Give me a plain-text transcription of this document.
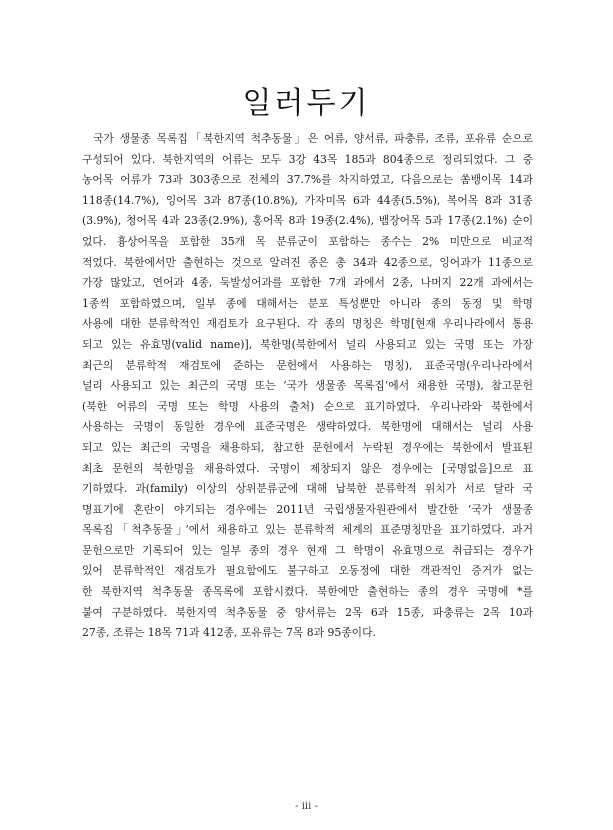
일러두기
국가 생물종 목록집「북한지역 척추동물」은 어류, 양서류, 파충류, 조류, 포유류 순으로
구성되어 있다. 북한지역의 어류는 모두 3강 43목 185과 804종으로 정리되었다. 그 중
농어목 어류가 73과 303종으로 전체의 37.7%를 차지하였고, 다음으로는 쏨뱅이목 14과
118종(14.7%), 잉어목 3과 87종(10.8%), 가자미목 6과 44종(5.5%), 복어목 8과 31종
(3.9%), 청어목 4과 23종(2.9%), 홍어목 8과 19종(2.4%), 뱀장어목 5과 17종(2.1%) 순이
었다. 흉상어목을 포함한 35개 목 분류군이 포함하는 종수는 2% 미만으로 비교적
적었다. 북한에서만 출현하는 것으로 알려진 종은 총 34과 42종으로, 잉어과가 11종으로
가장 많았고, 연어과 4종, 둑발성어과를 포함한 7개 과에서 2종, 나머지 22개 과에서는
1종씩 포함하였으며, 일부 종에 대해서는 분포 특성뿐만 아니라 종의 동정 및 학명
사용에 대한 분류학적인 재검토가 요구된다. 각 종의 명칭은 학명[현재 우리나라에서 통용
되고 있는 유효명(valid name)], 북한명(북한에서 널리 사용되고 있는 국명 또는 가장
최근의 분류학적 재검토에 준하는 문헌에서 사용하는 명칭), 표준국명(우리나라에서
널리 사용되고 있는 최근의 국명 또는 ‘국가 생물종 목록집’에서 채용한 국명), 참고문헌
(북한 어류의 국명 또는 학명 사용의 출처) 순으로 표기하였다. 우리나라와 북한에서
사용하는 국명이 동일한 경우에 표준국명은 생략하였다. 북한명에 대해서는 널리 사용
되고 있는 최근의 국명을 채용하되, 참고한 문헌에서 누락된 경우에는 북한에서 발표된
최초 문헌의 북한명을 채용하였다. 국명이 제창되지 않은 경우에는 [국명없음]으로 표
기하였다. 과(family) 이상의 상위분류군에 대해 납북한 분류학적 위치가 서로 달라 국
명표기에 혼란이 야기되는 경우에는 2011년 국립생물자원관에서 발간한 ‘국가 생물종
목록집「척추동물」’에서 채용하고 있는 분류학적 체계의 표준명칭만을 표기하였다. 과거
문헌으로만 기록되어 있는 일부 종의 경우 현재 그 학명이 유효명으로 취급되는 경우가
있어 분류학적인 재검토가 필요함에도 불구하고 오동정에 대한 객관적인 증거가 없는
한 북한지역 척추동물 종목록에 포함시켰다. 북한에만 출현하는 종의 경우 국명에 *를
붙여 구분하였다. 북한지역 척추동물 중 양서류는 2목 6과 15종, 파충류는 2목 10과
27종, 조류는 18목 71과 412종, 포유류는 7목 8과 95종이다.
- iii -
